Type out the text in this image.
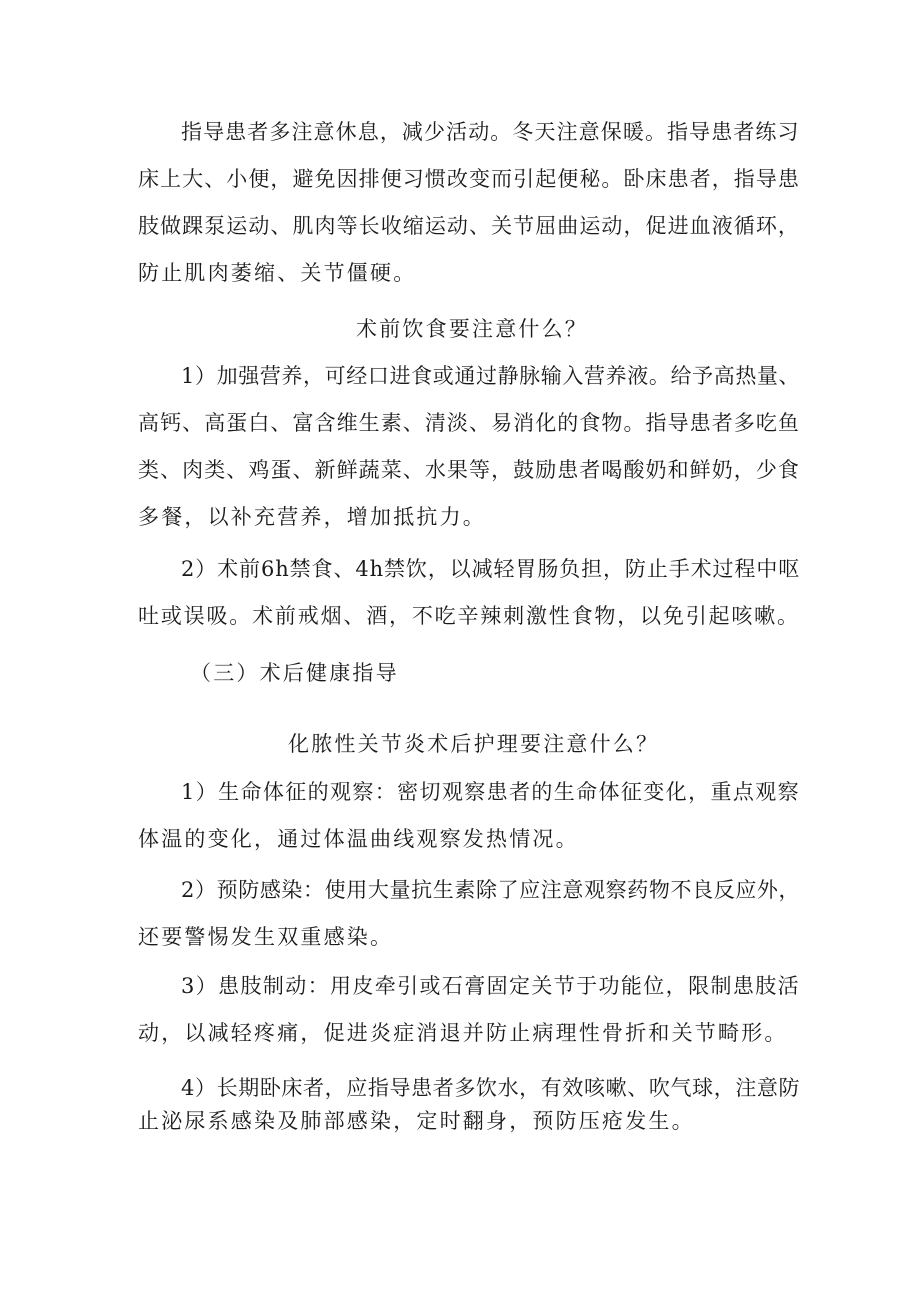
指导患者多注意休息，减少活动。冬天注意保暖。指导患者练习
床上大、小便，避免因排便习惯改变而引起便秘。卧床患者，指导患
肢做踝泵运动、肌肉等长收缩运动、关节屈曲运动，促进血液循环，
防止肌肉萎缩、关节僵硬。
术前饮食要注意什么？
1）加强营养，可经口进食或通过静脉输入营养液。给予高热量、
高钙、高蛋白、富含维生素、清淡、易消化的食物。指导患者多吃鱼
类、肉类、鸡蛋、新鲜蔬菜、水果等，鼓励患者喝酸奶和鲜奶，少食
多餐，以补充营养，增加抵抗力。
2）术前6h禁食、4h禁饮，以减轻胃肠负担，防止手术过程中呕
吐或误吸。术前戒烟、酒，不吃辛辣刺激性食物，以免引起咳嗽。
（三）术后健康指导
化脓性关节炎术后护理要注意什么？
1）生命体征的观察：密切观察患者的生命体征变化，重点观察
体温的变化，通过体温曲线观察发热情况。
2）预防感染：使用大量抗生素除了应注意观察药物不良反应外，
还要警惕发生双重感染。
3）患肢制动：用皮牵引或石膏固定关节于功能位，限制患肢活
动，以减轻疼痛，促进炎症消退并防止病理性骨折和关节畸形。
4）长期卧床者，应指导患者多饮水，有效咳嗽、吹气球，注意防
止泌尿系感染及肺部感染，定时翻身，预防压疮发生。
